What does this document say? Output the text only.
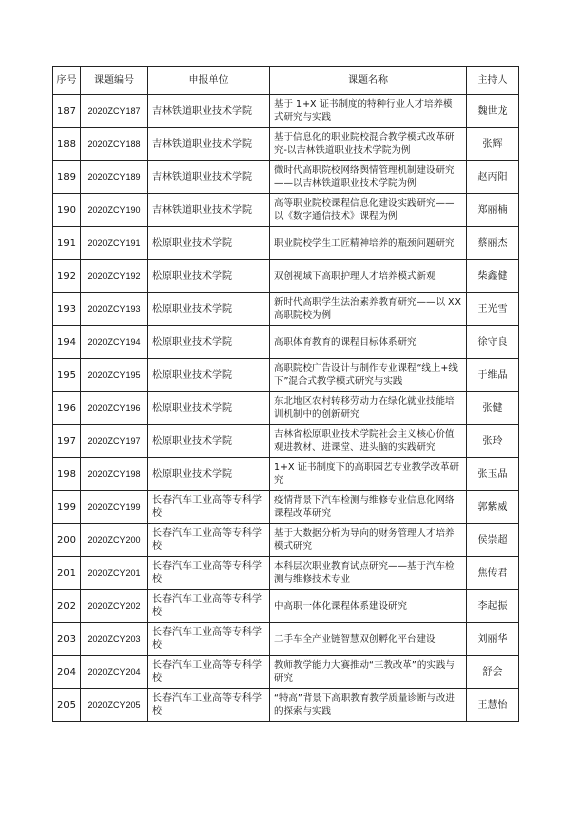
序号	课题编号	申报单位	课题名称	主持人
187	2020ZCY187	吉林铁道职业技术学院	基于 1+X 证书制度的特种行业人才培养模式研究与实践	魏世龙
188	2020ZCY188	吉林铁道职业技术学院	基于信息化的职业院校混合教学模式改革研究-以吉林铁道职业技术学院为例	张辉
189	2020ZCY189	吉林铁道职业技术学院	微时代高职院校网络舆情管理机制建设研究——以吉林铁道职业技术学院为例	赵丙阳
190	2020ZCY190	吉林铁道职业技术学院	高等职业院校课程信息化建设实践研究——以《数字通信技术》课程为例	郑丽楠
191	2020ZCY191	松原职业技术学院	职业院校学生工匠精神培养的瓶颈问题研究	蔡丽杰
192	2020ZCY192	松原职业技术学院	双创视域下高职护理人才培养模式新观	柴鑫健
193	2020ZCY193	松原职业技术学院	新时代高职学生法治素养教育研究——以 XX 高职院校为例	王光雪
194	2020ZCY194	松原职业技术学院	高职体育教育的课程目标体系研究	徐守良
195	2020ZCY195	松原职业技术学院	高职院校广告设计与制作专业课程“线上+线下”混合式教学模式研究与实践	于维晶
196	2020ZCY196	松原职业技术学院	东北地区农村转移劳动力在绿化就业技能培训机制中的创新研究	张健
197	2020ZCY197	松原职业技术学院	吉林省松原职业技术学院社会主义核心价值观进教材、进课堂、进头脑的实践研究	张玲
198	2020ZCY198	松原职业技术学院	1+X 证书制度下的高职园艺专业教学改革研究	张玉晶
199	2020ZCY199	长春汽车工业高等专科学校	疫情背景下汽车检测与维修专业信息化网络课程改革研究	郭紫威
200	2020ZCY200	长春汽车工业高等专科学校	基于大数据分析为导向的财务管理人才培养模式研究	侯崇超
201	2020ZCY201	长春汽车工业高等专科学校	本科层次职业教育试点研究——基于汽车检测与维修技术专业	焦传君
202	2020ZCY202	长春汽车工业高等专科学校	中高职一体化课程体系建设研究	李起振
203	2020ZCY203	长春汽车工业高等专科学校	二手车全产业链智慧双创孵化平台建设	刘丽华
204	2020ZCY204	长春汽车工业高等专科学校	教师教学能力大赛推动“三教改革”的实践与研究	舒会
205	2020ZCY205	长春汽车工业高等专科学校	“特高”背景下高职教育教学质量诊断与改进的探索与实践	王慧怡
